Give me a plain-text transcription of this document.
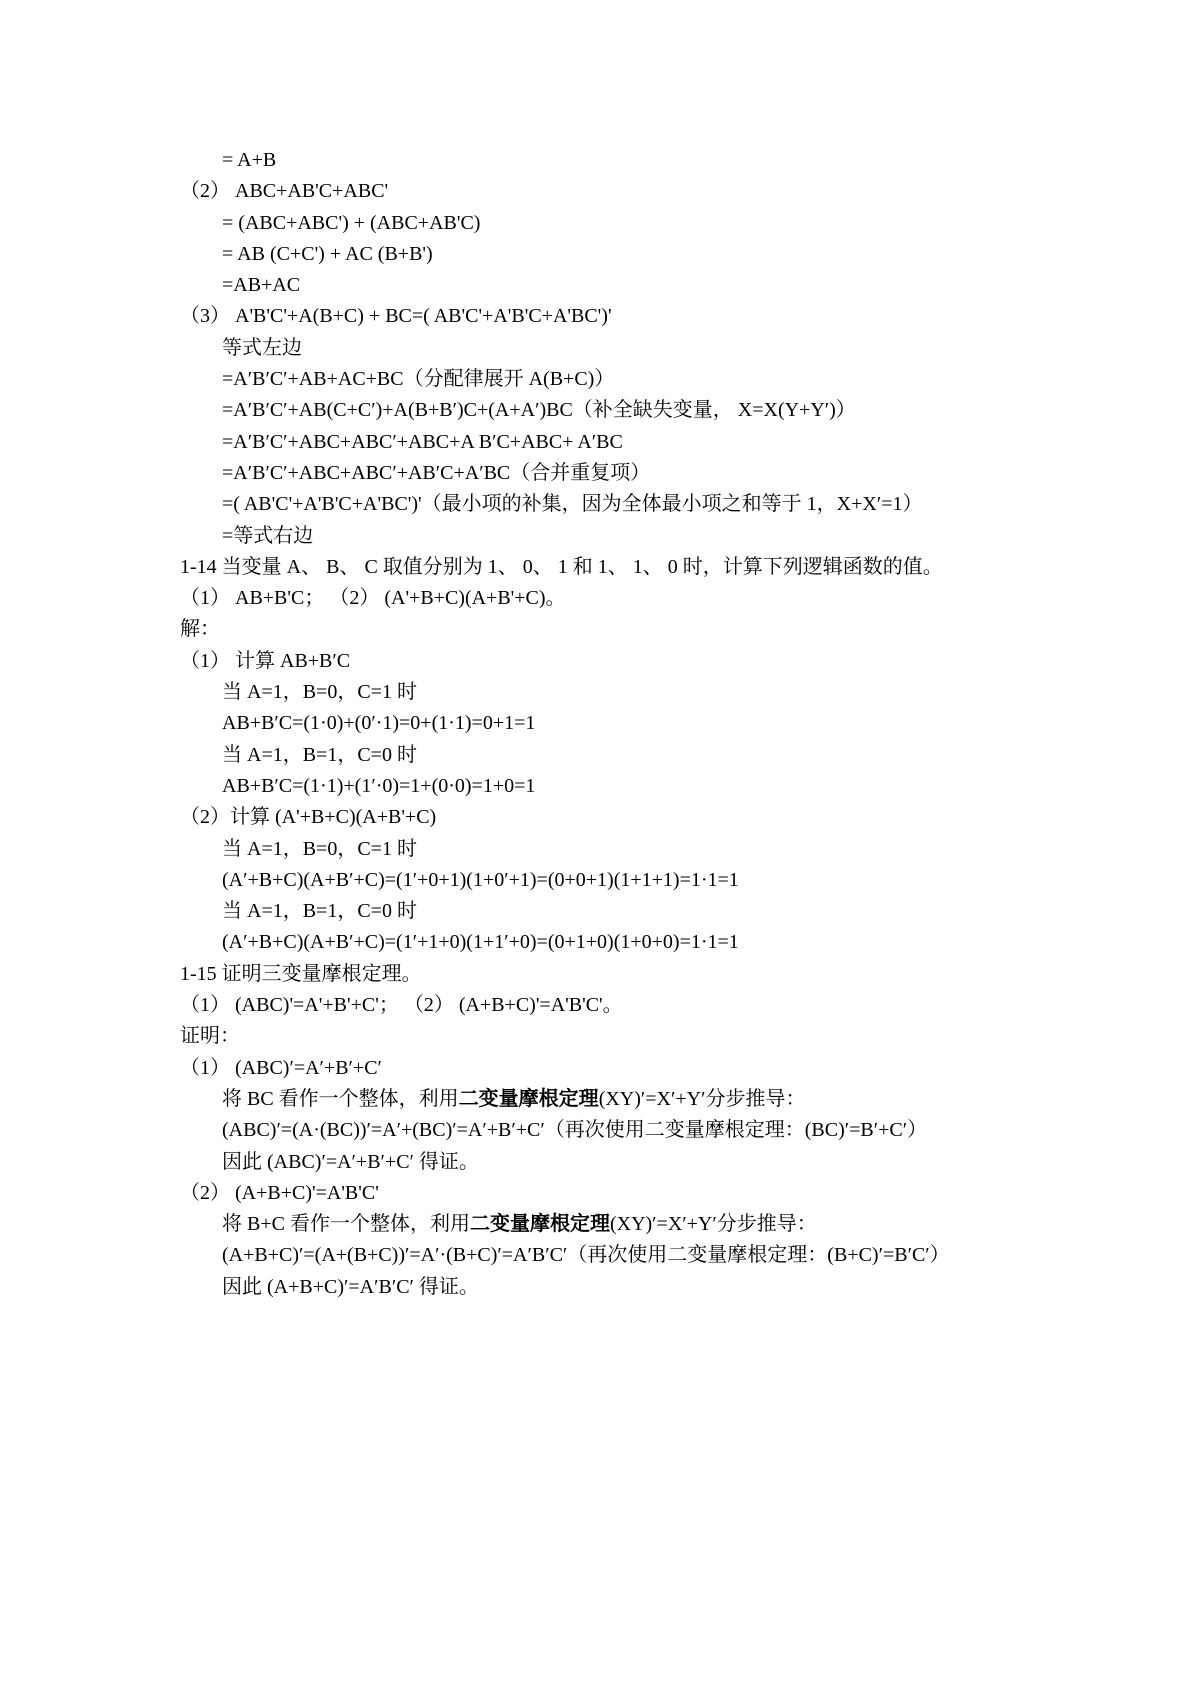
= A+B
（2） ABC+AB'C+ABC'
= (ABC+ABC') + (ABC+AB'C)
= AB (C+C') + AC (B+B')
=AB+AC
（3） A'B'C'+A(B+C) + BC=( AB'C'+A'B'C+A'BC')'
等式左边
=A′B′C′+AB+AC+BC（分配律展开 A(B+C)）
=A′B′C′+AB(C+C′)+A(B+B′)C+(A+A′)BC（补全缺失变量， X=X(Y+Y′)）
=A′B′C′+ABC+ABC′+ABC+A B′C+ABC+ A′BC
=A′B′C′+ABC+ABC′+AB′C+A′BC（合并重复项）
=( AB'C'+A'B'C+A'BC')'（最小项的补集，因为全体最小项之和等于 1，X+X′=1）
=等式右边
1-14 当变量 A、 B、 C 取值分别为 1、 0、 1 和 1、 1、 0 时，计算下列逻辑函数的值。
（1） AB+B'C； （2） (A'+B+C)(A+B'+C)。
解：
（1） 计算 AB+B′C
当 A=1，B=0，C=1 时
AB+B′C=(1·0)+(0′·1)=0+(1·1)=0+1=1
当 A=1，B=1，C=0 时
AB+B′C=(1·1)+(1′·0)=1+(0·0)=1+0=1
（2）计算 (A'+B+C)(A+B'+C)
当 A=1，B=0，C=1 时
(A′+B+C)(A+B′+C)=(1′+0+1)(1+0′+1)=(0+0+1)(1+1+1)=1·1=1
当 A=1，B=1，C=0 时
(A′+B+C)(A+B′+C)=(1′+1+0)(1+1′+0)=(0+1+0)(1+0+0)=1·1=1
1-15 证明三变量摩根定理。
（1） (ABC)'=A'+B'+C'； （2） (A+B+C)'=A'B'C'。
证明：
（1） (ABC)′=A′+B′+C′
将 BC 看作一个整体，利用二变量摩根定理(XY)′=X′+Y′分步推导：
(ABC)′=(A·(BC))′=A′+(BC)′=A′+B′+C′（再次使用二变量摩根定理：(BC)′=B′+C′）
因此 (ABC)′=A′+B′+C′ 得证。
（2） (A+B+C)'=A'B'C'
将 B+C 看作一个整体，利用二变量摩根定理(XY)′=X′+Y′分步推导：
(A+B+C)′=(A+(B+C))′=A′·(B+C)′=A′B′C′（再次使用二变量摩根定理：(B+C)′=B′C′）
因此 (A+B+C)′=A′B′C′ 得证。
